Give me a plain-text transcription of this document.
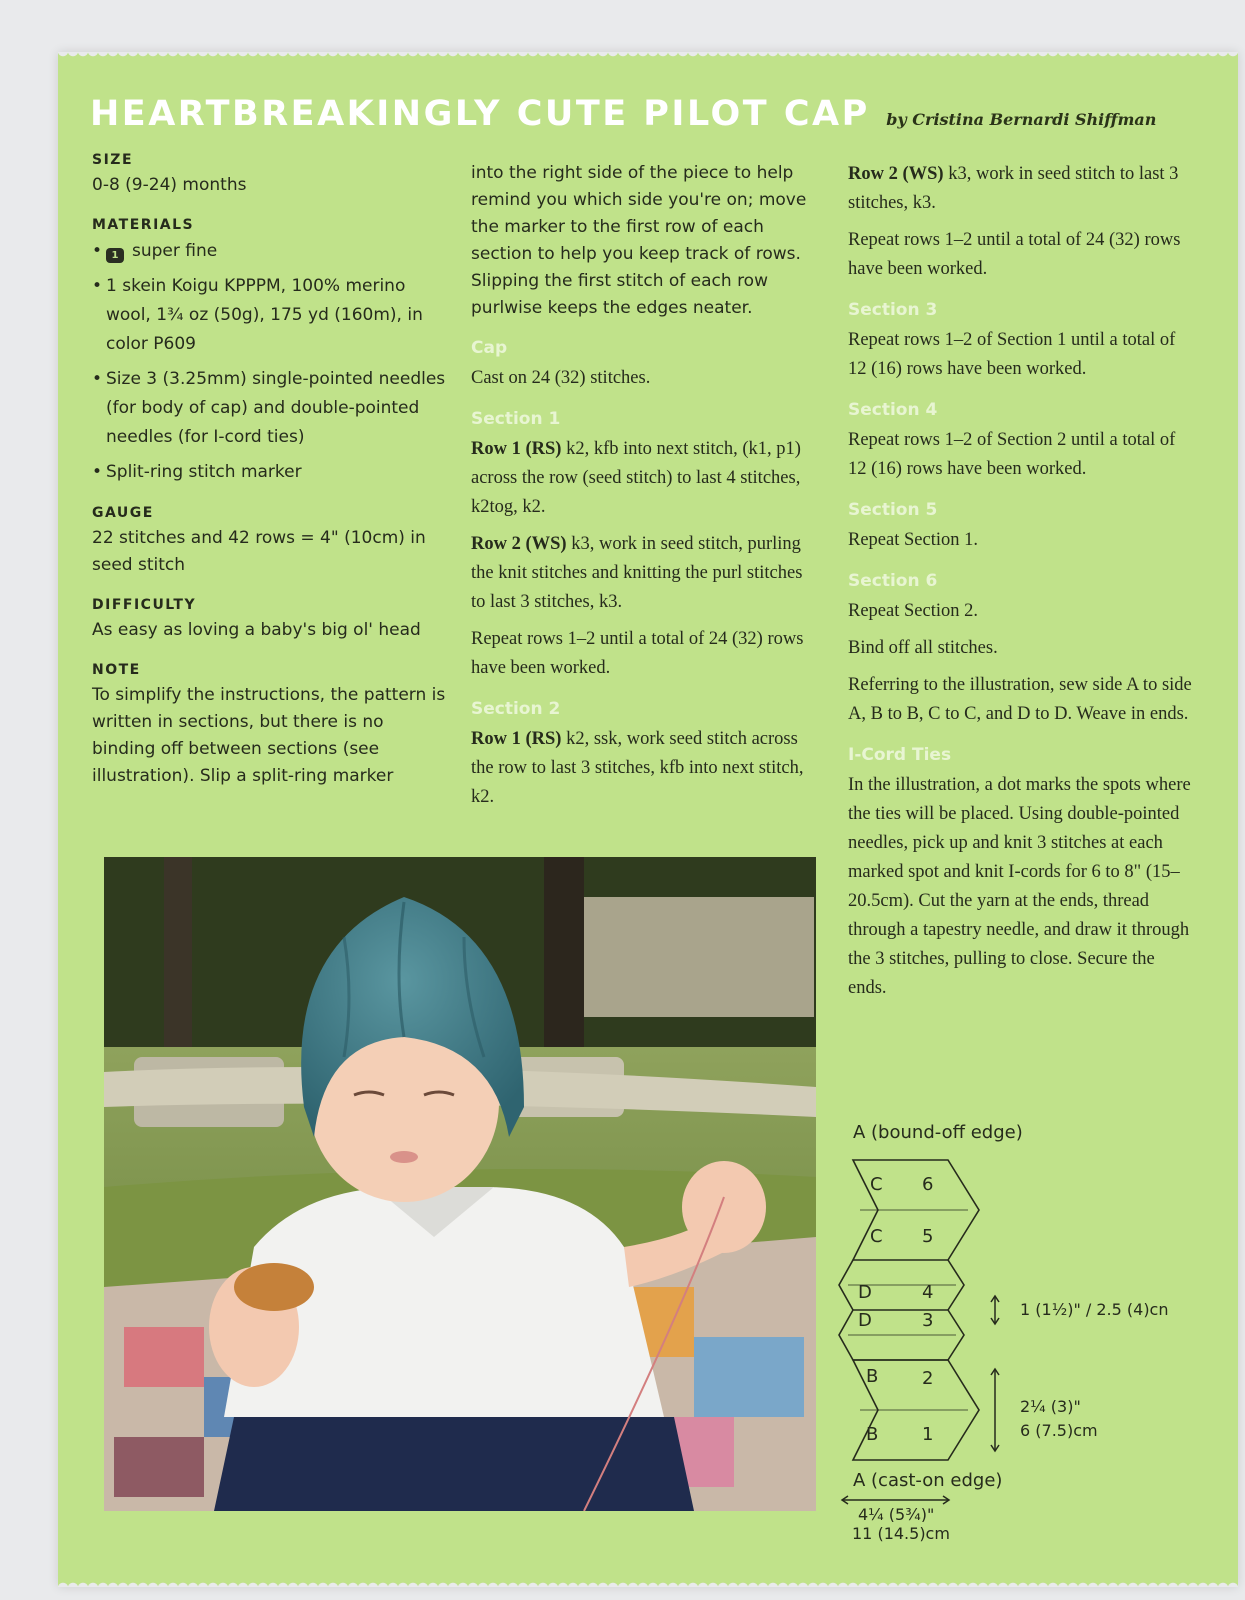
HEARTBREAKINGLY CUTE PILOT CAP by Cristina Bernardi Shiffman
SIZE
0-8 (9-24) months
MATERIALS
• 1 super fine
• 1 skein Koigu KPPPM, 100% merino wool, 1¾ oz (50g), 175 yd (160m), in color P609
• Size 3 (3.25mm) single-pointed needles (for body of cap) and double-pointed needles (for I-cord ties)
• Split-ring stitch marker
GAUGE
22 stitches and 42 rows = 4" (10cm) in seed stitch
DIFFICULTY
As easy as loving a baby's big ol' head
NOTE
To simplify the instructions, the pattern is written in sections, but there is no binding off between sections (see illustration). Slip a split-ring marker

into the right side of the piece to help remind you which side you're on; move the marker to the first row of each section to help you keep track of rows. Slipping the first stitch of each row purlwise keeps the edges neater.

Cap

Cast on 24 (32) stitches.

Section 1

Row 1 (RS) k2, kfb into next stitch, (k1, p1) across the row (seed stitch) to last 4 stitches, k2tog, k2.

Row 2 (WS) k3, work in seed stitch, purling the knit stitches and knitting the purl stitches to last 3 stitches, k3.

Repeat rows 1–2 until a total of 24 (32) rows have been worked.

Section 2

Row 1 (RS) k2, ssk, work seed stitch across the row to last 3 stitches, kfb into next stitch, k2.

Row 2 (WS) k3, work in seed stitch to last 3 stitches, k3.

Repeat rows 1–2 until a total of 24 (32) rows have been worked.

Section 3

Repeat rows 1–2 of Section 1 until a total of 12 (16) rows have been worked.

Section 4

Repeat rows 1–2 of Section 2 until a total of 12 (16) rows have been worked.

Section 5

Repeat Section 1.

Section 6

Repeat Section 2.

Bind off all stitches.

Referring to the illustration, sew side A to side A, B to B, C to C, and D to D. Weave in ends.

I-Cord Ties

In the illustration, a dot marks the spots where the ties will be placed. Using double-pointed needles, pick up and knit 3 stitches at each marked spot and knit I-cords for 6 to 8" (15–20.5cm). Cut the yarn at the ends, thread through a tapestry needle, and draw it through the 3 stitches, pulling to close. Secure the ends.

A (bound-off edge)
C
C
D
D
B
B
6
5
4
3
2
1
1 (1½)" / 2.5 (4)cn
2¼ (3)"
6 (7.5)cm
A (cast-on edge)
4¼ (5¾)"
11 (14.5)cm
